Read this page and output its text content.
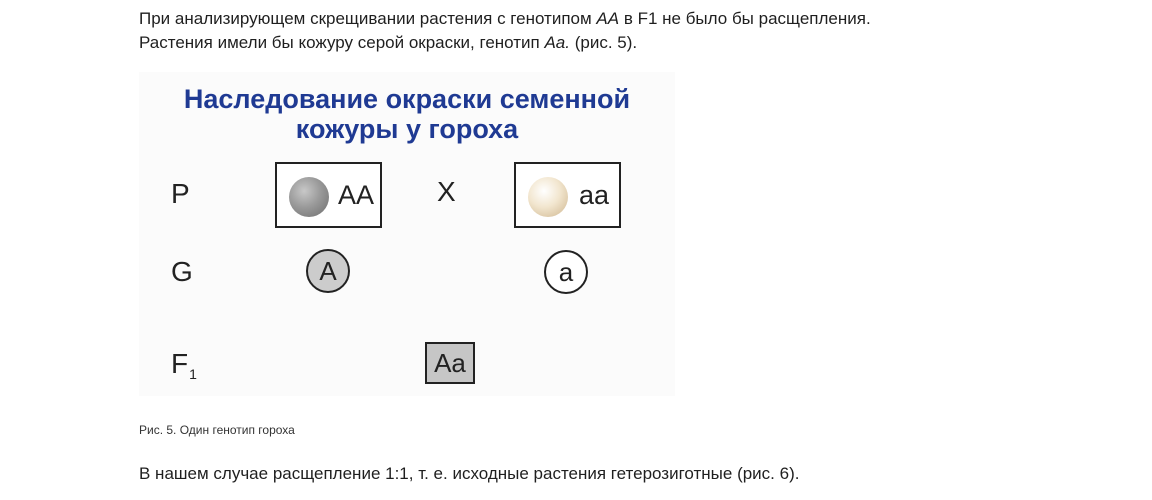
При анализирующем скрещивании растения с генотипом AA в F1 не было бы расщепления.
Растения имели бы кожуру серой окраски, генотип Aa. (рис. 5).

Наследование окраски семенной
кожуры у гороха
P
G
$F_1$
AA X	aa
A	a
Aa
Рис. 5. Один генотип гороха

В нашем случае расщепление 1:1, т. е. исходные растения гетерозиготные (рис. 6).
